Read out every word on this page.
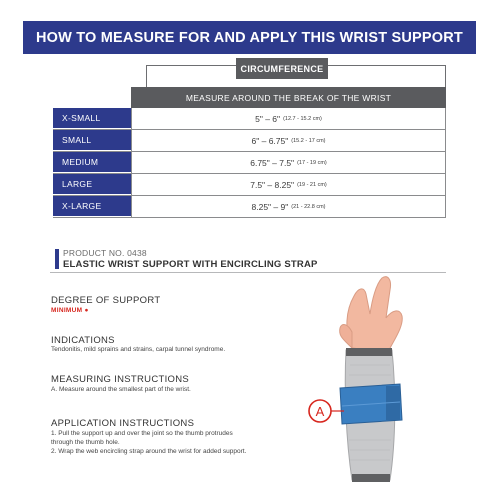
HOW TO MEASURE FOR AND APPLY THIS WRIST SUPPORT
CIRCUMFERENCE
MEASURE AROUND THE BREAK OF THE WRIST
X-SMALL	5" – 6" (12.7 - 15.2 cm)
SMALL	6" – 6.75" (15.2 - 17 cm)
MEDIUM	6.75" – 7.5" (17 - 19 cm)
LARGE	7.5" – 8.25" (19 - 21 cm)
X-LARGE	8.25" – 9" (21 - 22.8 cm)
PRODUCT NO. 0438
ELASTIC WRIST SUPPORT WITH ENCIRCLING STRAP
DEGREE OF SUPPORT
MINIMUM ●
INDICATIONS
Tendonitis, mild sprains and strains, carpal tunnel syndrome.
MEASURING INSTRUCTIONS
A. Measure around the smallest part of the wrist.
APPLICATION INSTRUCTIONS
1. Pull the support up and over the joint so the thumb protrudes
through the thumb hole.
2. Wrap the web encircling strap around the wrist for added support.
A
